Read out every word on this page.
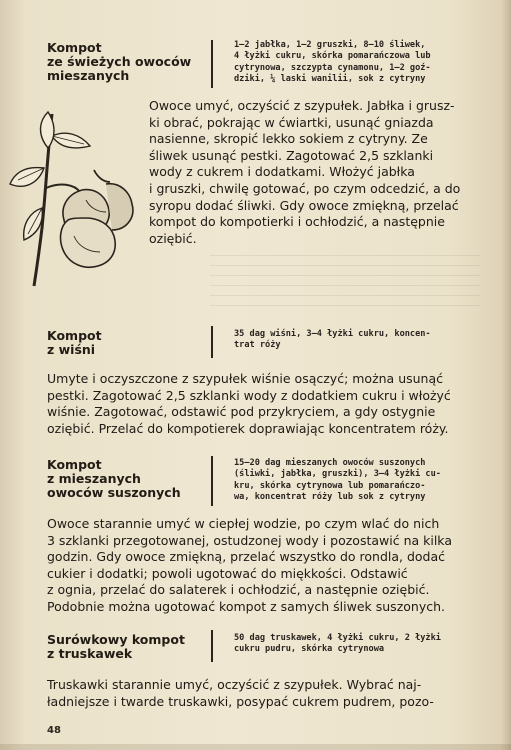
Kompot
ze świeżych owoców
mieszanych
1—2 jabłka, 1—2 gruszki, 8—10 śliwek,
4 łyżki cukru, skórka pomarańczowa lub
cytrynowa, szczypta cynamonu, 1—2 goź-
dziki, ¼ laski wanilii, sok z cytryny
Owoce umyć, oczyścić z szypułek. Jabłka i grusz-
ki obrać, pokrając w ćwiartki, usunąć gniazda
nasienne, skropić lekko sokiem z cytryny. Ze
śliwek usunąć pestki. Zagotować 2,5 szklanki
wody z cukrem i dodatkami. Włożyć jabłka
i gruszki, chwilę gotować, po czym odcedzić, a do
syropu dodać śliwki. Gdy owoce zmiękną, przelać
kompot do kompotierki i ochłodzić, a następnie
oziębić.
Kompot
z wiśni
35 dag wiśni, 3—4 łyżki cukru, koncen-
trat róży
Umyte i oczyszczone z szypułek wiśnie osączyć; można usunąć
pestki. Zagotować 2,5 szklanki wody z dodatkiem cukru i włożyć
wiśnie. Zagotować, odstawić pod przykryciem, a gdy ostygnie
oziębić. Przelać do kompotierek doprawiając koncentratem róży.
Kompot
z mieszanych
owoców suszonych
15—20 dag mieszanych owoców suszonych
(śliwki, jabłka, gruszki), 3—4 łyżki cu-
kru, skórka cytrynowa lub pomarańczo-
wa, koncentrat róży lub sok z cytryny
Owoce starannie umyć w ciepłej wodzie, po czym wlać do nich
3 szklanki przegotowanej, ostudzonej wody i pozostawić na kilka
godzin. Gdy owoce zmiękną, przelać wszystko do rondla, dodać
cukier i dodatki; powoli ugotować do miękkości. Odstawić
z ognia, przelać do salaterek i ochłodzić, a następnie oziębić.
Podobnie można ugotować kompot z samych śliwek suszonych.
Surówkowy kompot
z truskawek
50 dag truskawek, 4 łyżki cukru, 2 łyżki
cukru pudru, skórka cytrynowa
Truskawki starannie umyć, oczyścić z szypułek. Wybrać naj-
ładniejsze i twarde truskawki, posypać cukrem pudrem, pozo-
48
